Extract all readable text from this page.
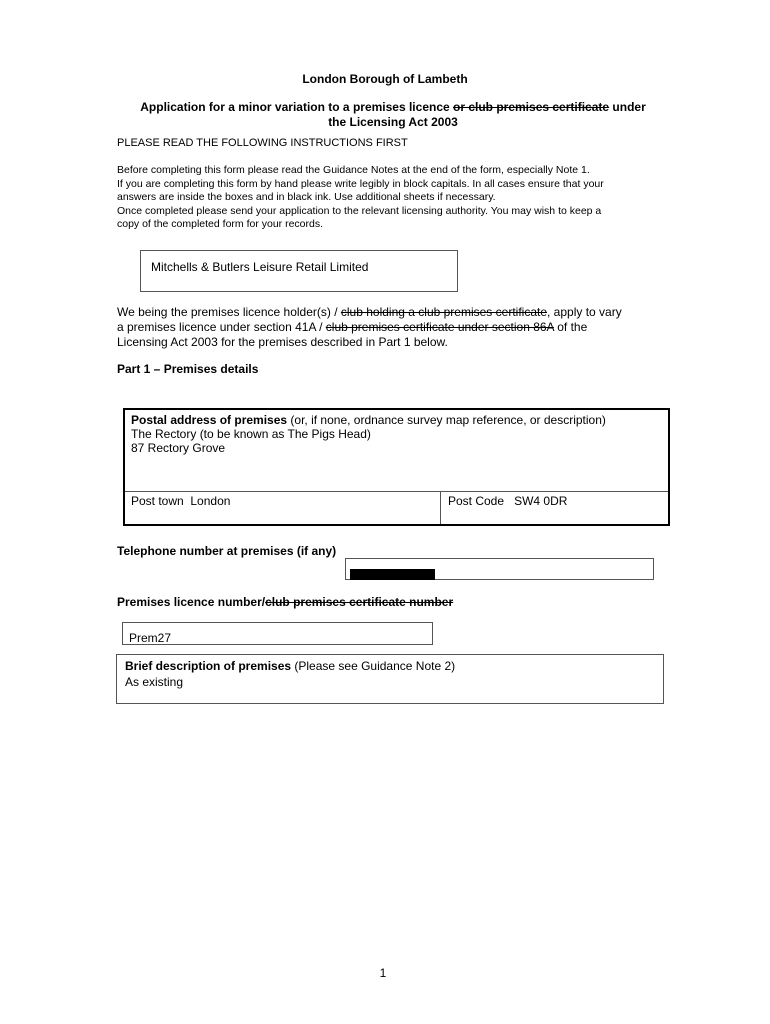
London Borough of Lambeth
Application for a minor variation to a premises licence or club premises certificate under
the Licensing Act 2003
PLEASE READ THE FOLLOWING INSTRUCTIONS FIRST
Before completing this form please read the Guidance Notes at the end of the form, especially Note 1.
If you are completing this form by hand please write legibly in block capitals. In all cases ensure that your
answers are inside the boxes and in black ink. Use additional sheets if necessary.
Once completed please send your application to the relevant licensing authority. You may wish to keep a
copy of the completed form for your records.
Mitchells & Butlers Leisure Retail Limited
We being the premises licence holder(s) / club holding a club premises certificate, apply to vary
a premises licence under section 41A / club premises certificate under section 86A of the
Licensing Act 2003 for the premises described in Part 1 below.
Part 1 – Premises details
Postal address of premises (or, if none, ordnance survey map reference, or description)
The Rectory (to be known as The Pigs Head)
87 Rectory Grove
Post town London	Post Code SW4 0DR
Telephone number at premises (if any)
Premises licence number/club premises certificate number
Prem27
Brief description of premises (Please see Guidance Note 2)
As existing
1
